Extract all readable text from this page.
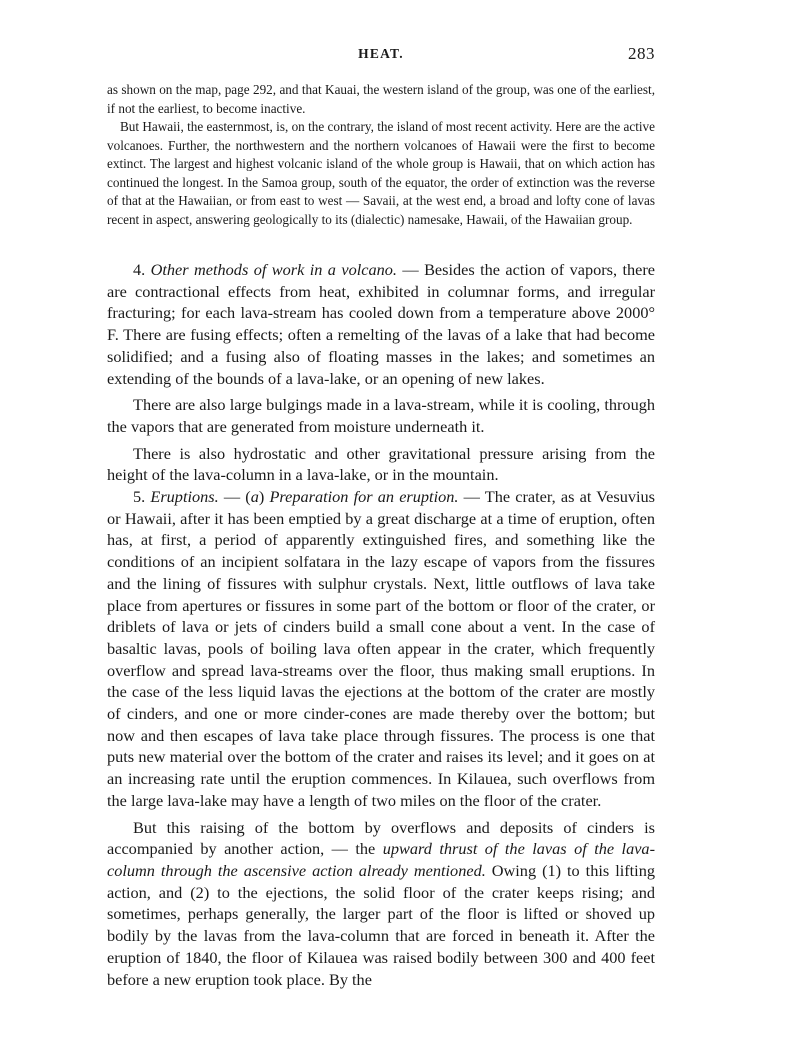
HEAT.	283

as shown on the map, page 292, and that Kauai, the western island of the group, was one of the earliest, if not the earliest, to become inactive.

But Hawaii, the easternmost, is, on the contrary, the island of most recent activity. Here are the active volcanoes. Further, the northwestern and the northern volcanoes of Hawaii were the first to become extinct. The largest and highest volcanic island of the whole group is Hawaii, that on which action has continued the longest. In the Samoa group, south of the equator, the order of extinction was the reverse of that at the Hawaiian, or from east to west — Savaii, at the west end, a broad and lofty cone of lavas recent in aspect, answering geologically to its (dialectic) namesake, Hawaii, of the Hawaiian group.

4. Other methods of work in a volcano. — Besides the action of vapors, there are contractional effects from heat, exhibited in columnar forms, and irregular fracturing; for each lava-stream has cooled down from a temperature above 2000° F. There are fusing effects; often a remelting of the lavas of a lake that had become solidified; and a fusing also of floating masses in the lakes; and sometimes an extending of the bounds of a lava-lake, or an opening of new lakes.

There are also large bulgings made in a lava-stream, while it is cooling, through the vapors that are generated from moisture underneath it.

There is also hydrostatic and other gravitational pressure arising from the height of the lava-column in a lava-lake, or in the mountain.

5. Eruptions. — (a) Preparation for an eruption. — The crater, as at Vesuvius or Hawaii, after it has been emptied by a great discharge at a time of eruption, often has, at first, a period of apparently extinguished fires, and something like the conditions of an incipient solfatara in the lazy escape of vapors from the fissures and the lining of fissures with sulphur crystals. Next, little outflows of lava take place from apertures or fissures in some part of the bottom or floor of the crater, or driblets of lava or jets of cinders build a small cone about a vent. In the case of basaltic lavas, pools of boiling lava often appear in the crater, which frequently overflow and spread lava-streams over the floor, thus making small eruptions. In the case of the less liquid lavas the ejections at the bottom of the crater are mostly of cinders, and one or more cinder-cones are made thereby over the bottom; but now and then escapes of lava take place through fissures. The process is one that puts new material over the bottom of the crater and raises its level; and it goes on at an increasing rate until the eruption commences. In Kilauea, such overflows from the large lava-lake may have a length of two miles on the floor of the crater.

But this raising of the bottom by overflows and deposits of cinders is accompanied by another action, — the upward thrust of the lavas of the lava-column through the ascensive action already mentioned. Owing (1) to this lifting action, and (2) to the ejections, the solid floor of the crater keeps rising; and sometimes, perhaps generally, the larger part of the floor is lifted or shoved up bodily by the lavas from the lava-column that are forced in beneath it. After the eruption of 1840, the floor of Kilauea was raised bodily between 300 and 400 feet before a new eruption took place. By the
